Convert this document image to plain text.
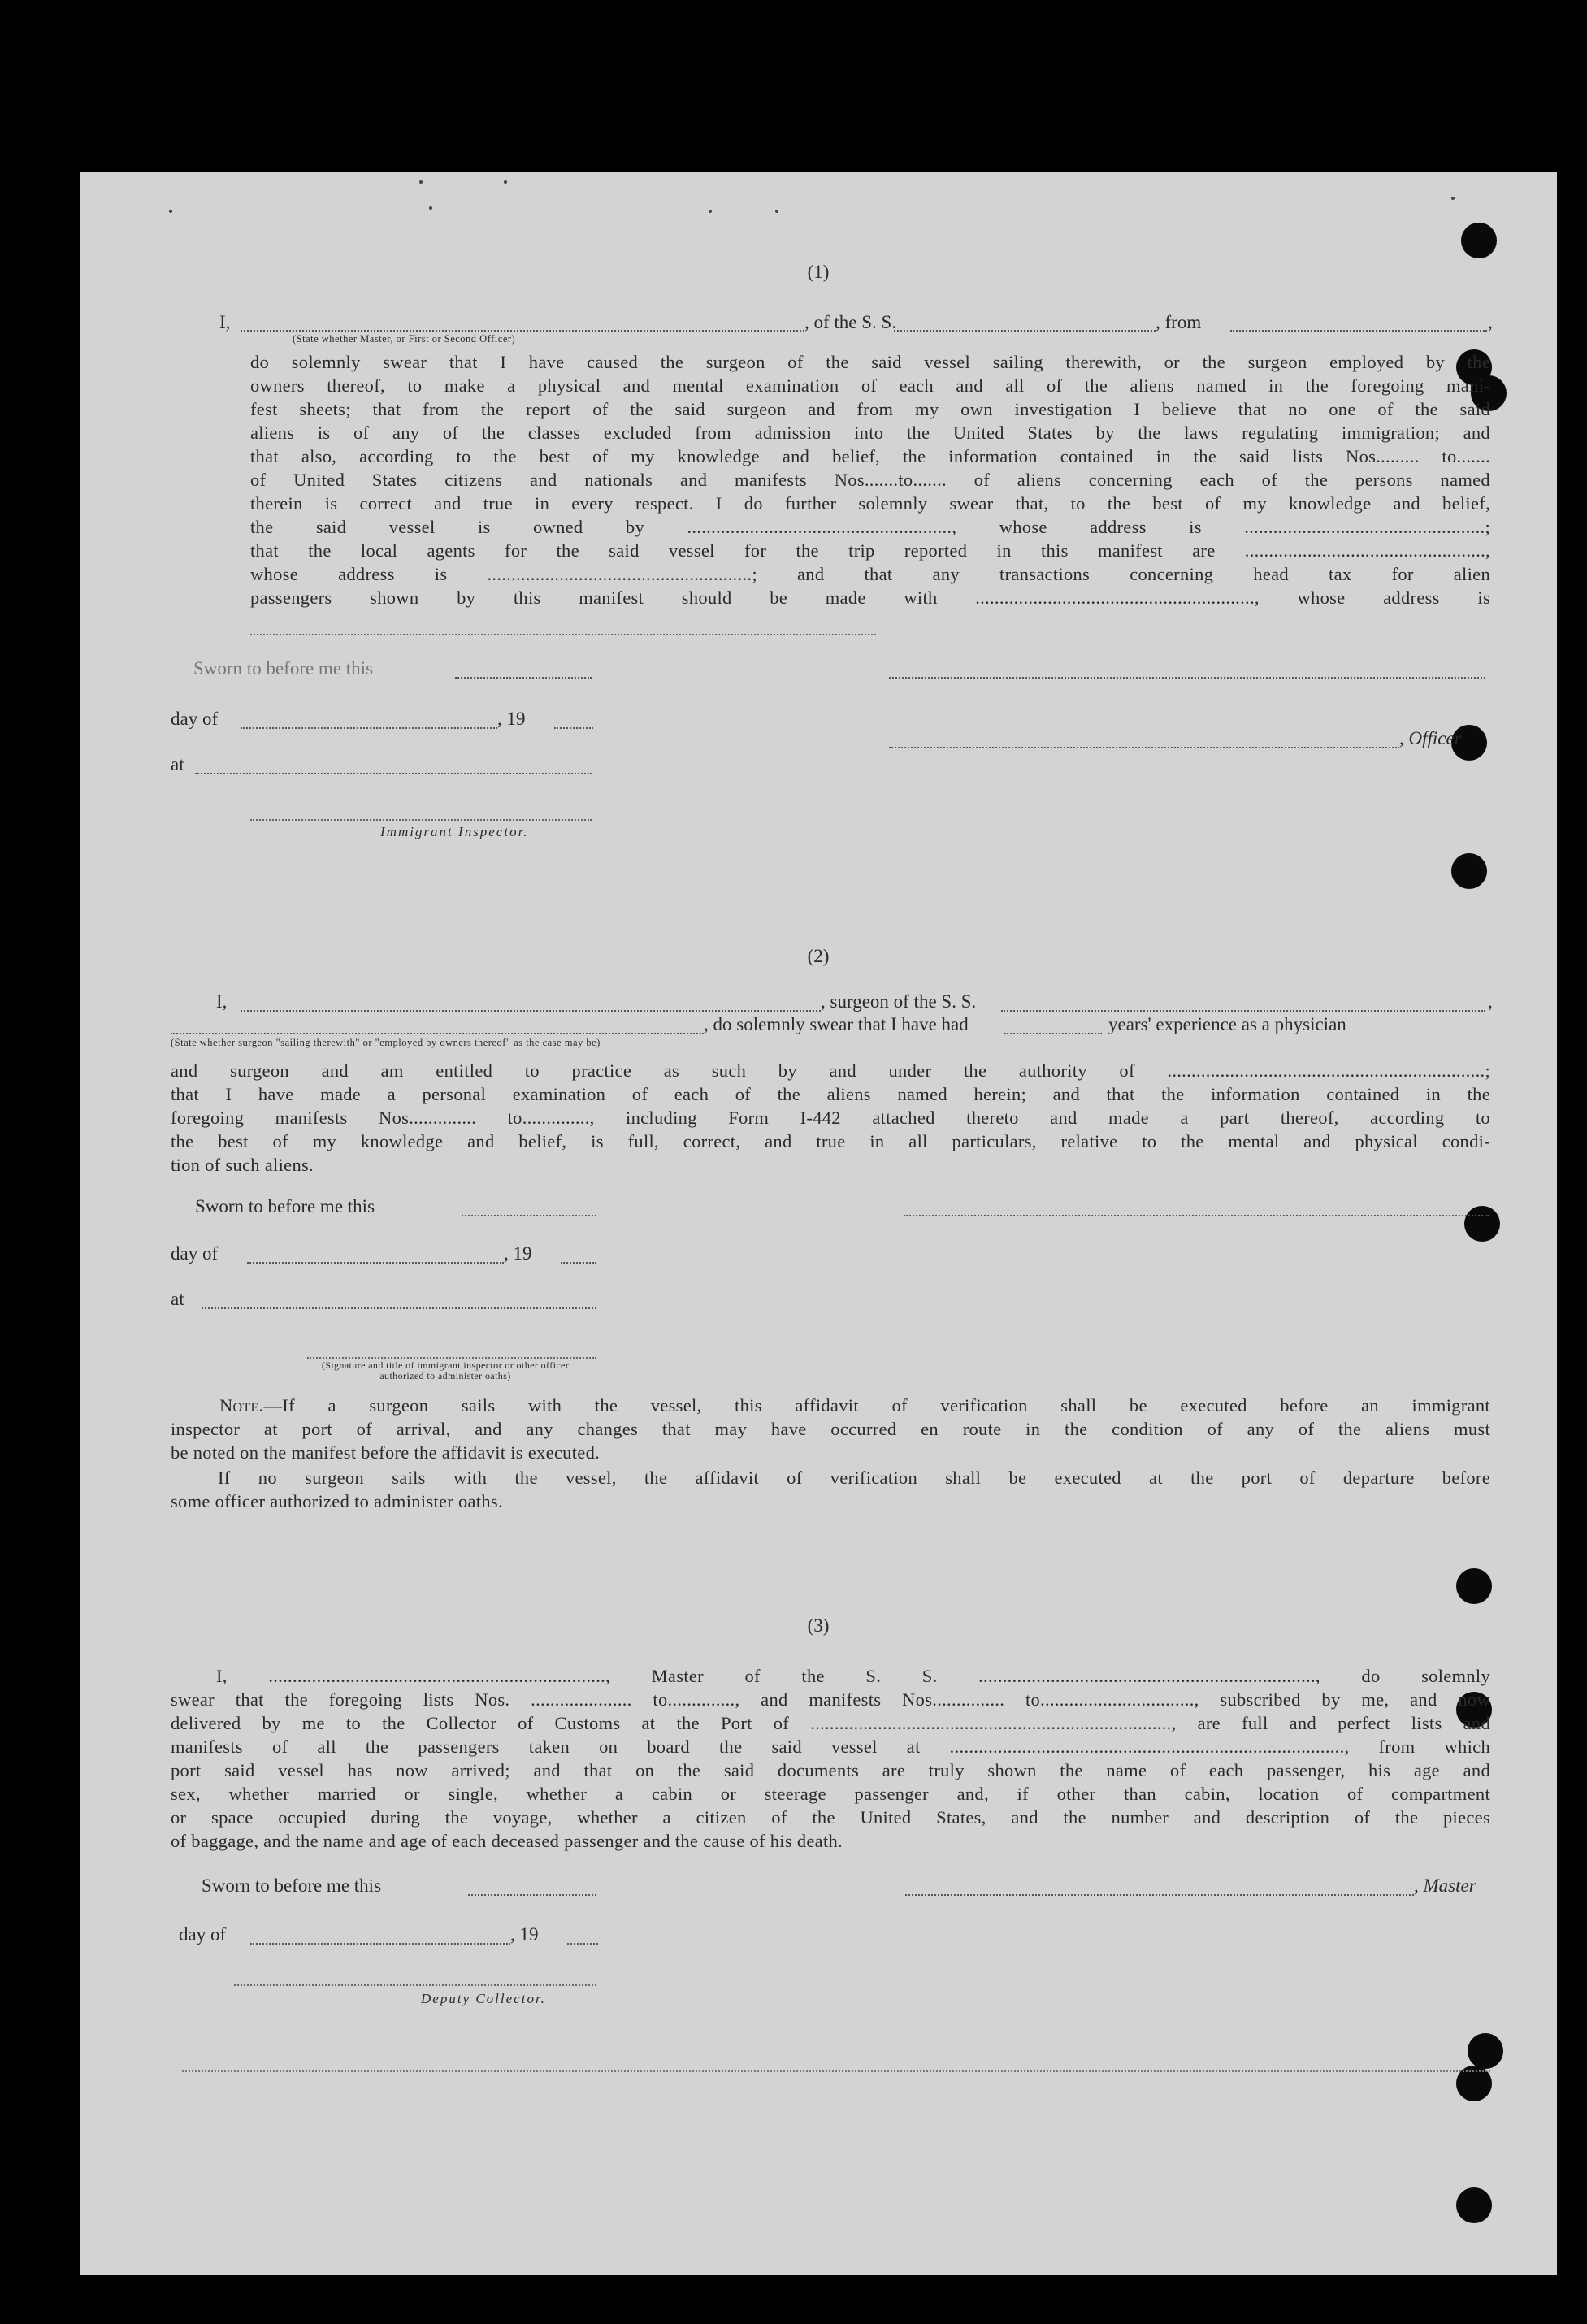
(1)
I,	, of the S. S.	, from	,
(State whether Master, or First or Second Officer)
do solemnly swear that I have caused the surgeon of the said vessel sailing therewith, or the surgeon employed by the
owners thereof, to make a physical and mental examination of each and all of the aliens named in the foregoing mani-
fest sheets; that from the report of the said surgeon and from my own investigation I believe that no one of the said
aliens is of any of the classes excluded from admission into the United States by the laws regulating immigration; and
that also, according to the best of my knowledge and belief, the information contained in the said lists Nos......... to.......
of United States citizens and nationals and manifests Nos.......to....... of aliens concerning each of the persons named
therein is correct and true in every respect. I do further solemnly swear that, to the best of my knowledge and belief,
the said vessel is owned by ......................................................., whose address is ..................................................;
that the local agents for the said vessel for the trip reported in this manifest are ..................................................,
whose address is .......................................................; and that any transactions concerning head tax for alien
passengers shown by this manifest should be made with .........................................................., whose address is
Sworn to before me this
day of	, 19
, Officer
at
Immigrant Inspector.
(2)
I,	, surgeon of the S. S.	,
, do solemnly swear that I have had	years' experience as a physician
(State whether surgeon "sailing therewith" or "employed by owners thereof" as the case may be)
and surgeon and am entitled to practice as such by and under the authority of ..................................................................;
that I have made a personal examination of each of the aliens named herein; and that the information contained in the
foregoing manifests Nos.............. to.............., including Form I-442 attached thereto and made a part thereof, according to
the best of my knowledge and belief, is full, correct, and true in all particulars, relative to the mental and physical condi-
tion of such aliens.
Sworn to before me this
day of	, 19
at
(Signature and title of immigrant inspector or other officer authorized to administer oaths)
Note.—If a surgeon sails with the vessel, this affidavit of verification shall be executed before an immigrant
inspector at port of arrival, and any changes that may have occurred en route in the condition of any of the aliens must
be noted on the manifest before the affidavit is executed.
If no surgeon sails with the vessel, the affidavit of verification shall be executed at the port of departure before
some officer authorized to administer oaths.
(3)
I, ......................................................................, Master of the S. S. ......................................................................, do solemnly
swear that the foregoing lists Nos. ..................... to.............., and manifests Nos............... to................................, subscribed by me, and now
delivered by me to the Collector of Customs at the Port of ..........................................................................., are full and perfect lists and
manifests of all the passengers taken on board the said vessel at .................................................................................., from which
port said vessel has now arrived; and that on the said documents are truly shown the name of each passenger, his age and
sex, whether married or single, whether a cabin or steerage passenger and, if other than cabin, location of compartment
or space occupied during the voyage, whether a citizen of the United States, and the number and description of the pieces
of baggage, and the name and age of each deceased passenger and the cause of his death.
Sworn to before me this	, Master
day of	, 19
Deputy Collector.
